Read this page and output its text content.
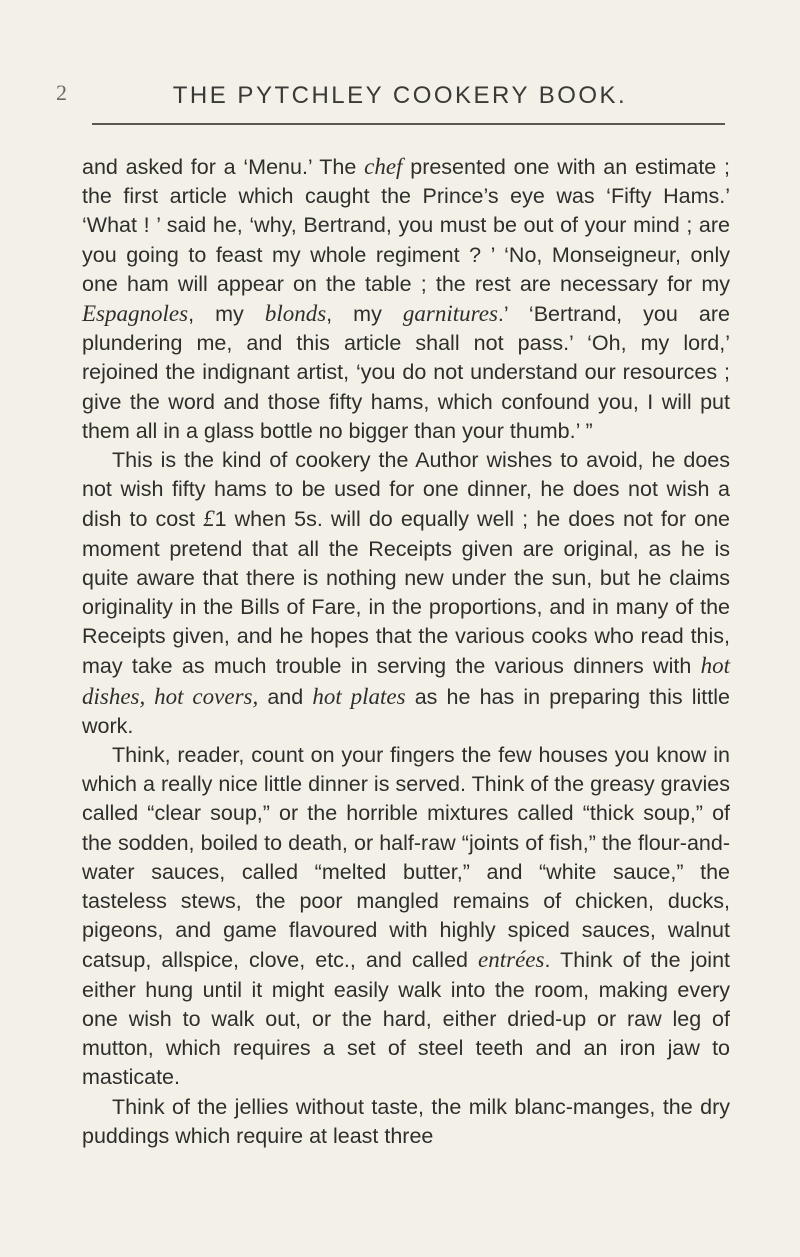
2	THE PYTCHLEY COOKERY BOOK.

and asked for a ‘Menu.’ The chef presented one with an estimate ; the first article which caught the Prince’s eye was ‘Fifty Hams.’ ‘What ! ’ said he, ‘why, Bertrand, you must be out of your mind ; are you going to feast my whole regiment ? ’ ‘No, Monseigneur, only one ham will appear on the table ; the rest are necessary for my Espagnoles, my blonds, my garnitures.’ ‘Bertrand, you are plundering me, and this article shall not pass.’ ‘Oh, my lord,’ rejoined the indignant artist, ‘you do not understand our resources ; give the word and those fifty hams, which confound you, I will put them all in a glass bottle no bigger than your thumb.’ ”

This is the kind of cookery the Author wishes to avoid, he does not wish fifty hams to be used for one dinner, he does not wish a dish to cost £1 when 5s. will do equally well ; he does not for one moment pretend that all the Receipts given are original, as he is quite aware that there is nothing new under the sun, but he claims originality in the Bills of Fare, in the proportions, and in many of the Receipts given, and he hopes that the various cooks who read this, may take as much trouble in serving the various dinners with hot dishes, hot covers, and hot plates as he has in preparing this little work.

Think, reader, count on your fingers the few houses you know in which a really nice little dinner is served. Think of the greasy gravies called “clear soup,” or the horrible mixtures called “thick soup,” of the sodden, boiled to death, or half-raw “joints of fish,” the flour-and-water sauces, called “melted butter,” and “white sauce,” the tasteless stews, the poor mangled remains of chicken, ducks, pigeons, and game flavoured with highly spiced sauces, walnut catsup, allspice, clove, etc., and called entrées. Think of the joint either hung until it might easily walk into the room, making every one wish to walk out, or the hard, either dried-up or raw leg of mutton, which requires a set of steel teeth and an iron jaw to masticate.

Think of the jellies without taste, the milk blanc-manges, the dry puddings which require at least three
